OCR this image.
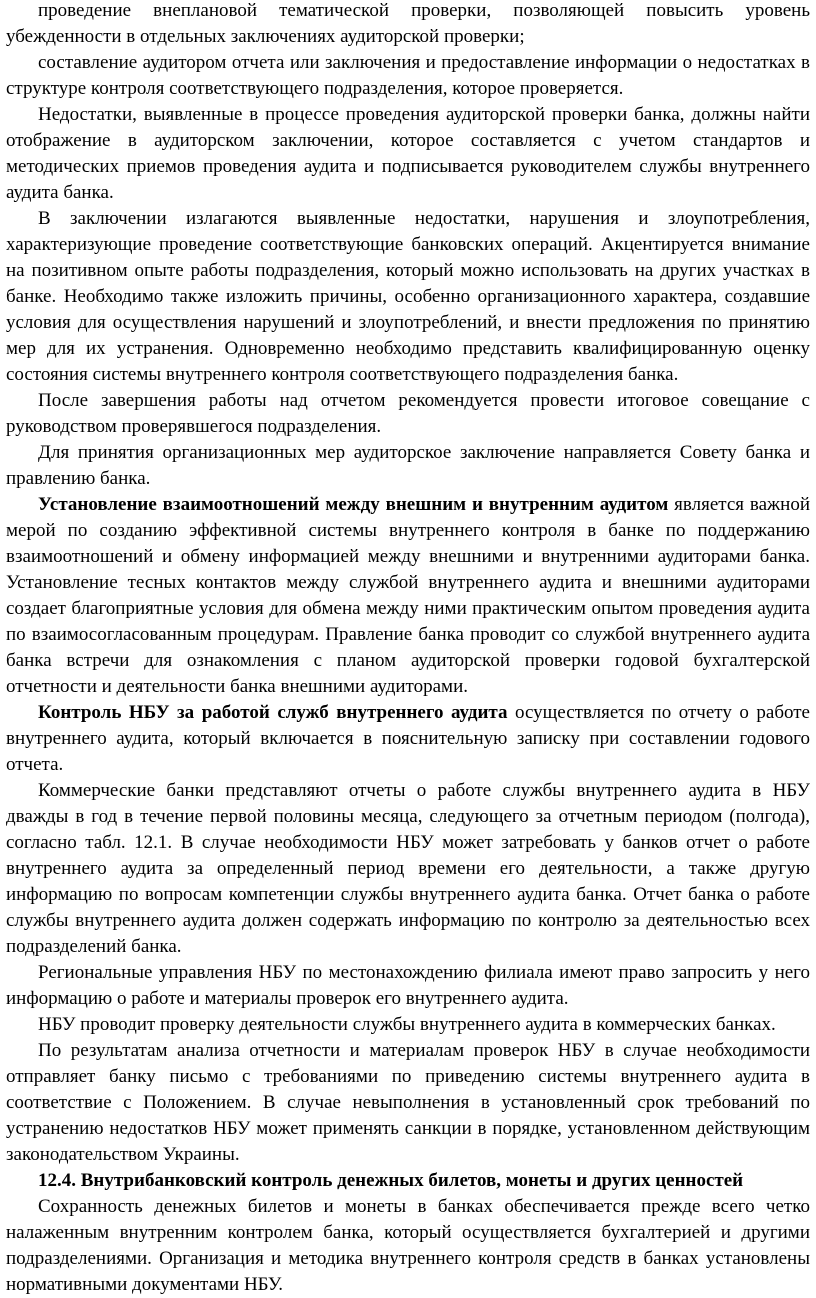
проведение внеплановой тематической проверки, позволяющей повысить уровень убежденности в отдельных заключениях аудиторской проверки;

составление аудитором отчета или заключения и предоставление информации о недостатках в структуре контроля соответствующего подразделения, которое проверяется.

Недостатки, выявленные в процессе проведения аудиторской проверки банка, должны найти отображение в аудиторском заключении, которое составляется с учетом стандартов и методических приемов проведения аудита и подписывается руководителем службы внутреннего аудита банка.

В заключении излагаются выявленные недостатки, нарушения и злоупотребления, характеризующие проведение соответствующие банковских операций. Акцентируется внимание на позитивном опыте работы подразделения, который можно использовать на других участках в банке. Необходимо также изложить причины, особенно организационного характера, создавшие условия для осуществления нарушений и злоупотреблений, и внести предложения по принятию мер для их устранения. Одновременно необходимо представить квалифицированную оценку состояния системы внутреннего контроля соответствующего подразделения банка.

После завершения работы над отчетом рекомендуется провести итоговое совещание с руководством проверявшегося подразделения.

Для принятия организационных мер аудиторское заключение направляется Совету банка и правлению банка.

Установление взаимоотношений между внешним и внутренним аудитом является важной мерой по созданию эффективной системы внутреннего контроля в банке по поддержанию взаимоотношений и обмену информацией между внешними и внутренними аудиторами банка. Установление тесных контактов между службой внутреннего аудита и внешними аудиторами создает благоприятные условия для обмена между ними практическим опытом проведения аудита по взаимосогласованным процедурам. Правление банка проводит со службой внутреннего аудита банка встречи для ознакомления с планом аудиторской проверки годовой бухгалтерской отчетности и деятельности банка внешними аудиторами.

Контроль НБУ за работой служб внутреннего аудита осуществляется по отчету о работе внутреннего аудита, который включается в пояснительную записку при составлении годового отчета.

Коммерческие банки представляют отчеты о работе службы внутреннего аудита в НБУ дважды в год в течение первой половины месяца, следующего за отчетным периодом (полгода), согласно табл. 12.1. В случае необходимости НБУ может затребовать у банков отчет о работе внутреннего аудита за определенный период времени его деятельности, а также другую информацию по вопросам компетенции службы внутреннего аудита банка. Отчет банка о работе службы внутреннего аудита должен содержать информацию по контролю за деятельностью всех подразделений банка.

Региональные управления НБУ по местонахождению филиала имеют право запросить у него информацию о работе и материалы проверок его внутреннего аудита.

НБУ проводит проверку деятельности службы внутреннего аудита в коммерческих банках.

По результатам анализа отчетности и материалам проверок НБУ в случае необходимости отправляет банку письмо с требованиями по приведению системы внутреннего аудита в соответствие с Положением. В случае невыполнения в установленный срок требований по устранению недостатков НБУ может применять санкции в порядке, установленном действующим законодательством Украины.

12.4. Внутрибанковский контроль денежных билетов, монеты и других ценностей

Сохранность денежных билетов и монеты в банках обеспечивается прежде всего четко налаженным внутренним контролем банка, который осуществляется бухгалтерией и другими подразделениями. Организация и методика внутреннего контроля средств в банках установлены нормативными документами НБУ.
